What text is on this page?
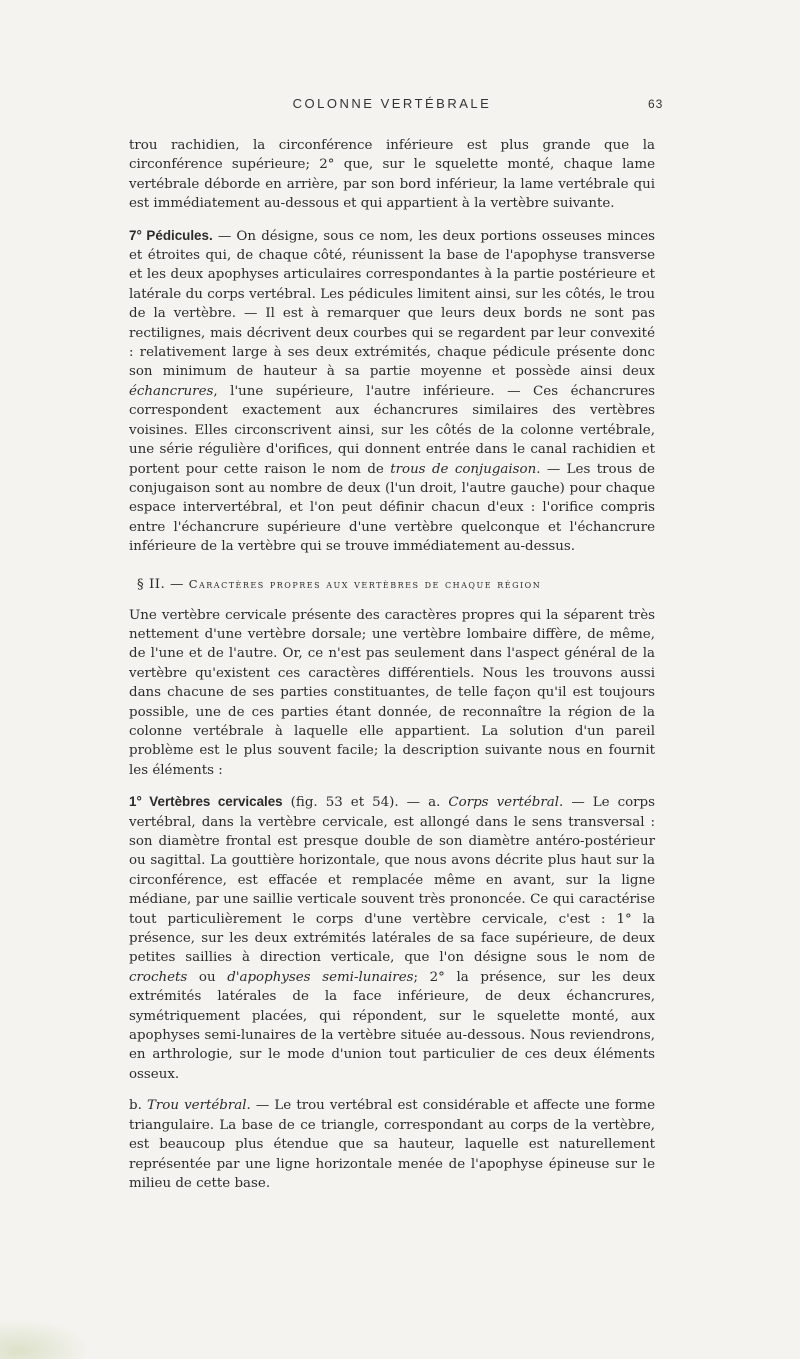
COLONNE VERTÉBRALE	63

trou rachidien, la circonférence inférieure est plus grande que la circonférence supérieure; 2° que, sur le squelette monté, chaque lame vertébrale déborde en arrière, par son bord inférieur, la lame vertébrale qui est immédiatement au-dessous et qui appartient à la vertèbre suivante.

7° Pédicules. — On désigne, sous ce nom, les deux portions osseuses minces et étroites qui, de chaque côté, réunissent la base de l'apophyse transverse et les deux apophyses articulaires correspondantes à la partie postérieure et latérale du corps vertébral. Les pédicules limitent ainsi, sur les côtés, le trou de la vertèbre. — Il est à remarquer que leurs deux bords ne sont pas rectilignes, mais décrivent deux courbes qui se regardent par leur convexité : relativement large à ses deux extrémités, chaque pédicule présente donc son minimum de hauteur à sa partie moyenne et possède ainsi deux échancrures, l'une supérieure, l'autre inférieure. — Ces échancrures correspondent exactement aux échancrures similaires des vertèbres voisines. Elles circonscrivent ainsi, sur les côtés de la colonne vertébrale, une série régulière d'orifices, qui donnent entrée dans le canal rachidien et portent pour cette raison le nom de trous de conjugaison. — Les trous de conjugaison sont au nombre de deux (l'un droit, l'autre gauche) pour chaque espace intervertébral, et l'on peut définir chacun d'eux : l'orifice compris entre l'échancrure supérieure d'une vertèbre quelconque et l'échancrure inférieure de la vertèbre qui se trouve immédiatement au-dessus.

§ II. — Caractères propres aux vertèbres de chaque région

Une vertèbre cervicale présente des caractères propres qui la séparent très nettement d'une vertèbre dorsale; une vertèbre lombaire diffère, de même, de l'une et de l'autre. Or, ce n'est pas seulement dans l'aspect général de la vertèbre qu'existent ces caractères différentiels. Nous les trouvons aussi dans chacune de ses parties constituantes, de telle façon qu'il est toujours possible, une de ces parties étant donnée, de reconnaître la région de la colonne vertébrale à laquelle elle appartient. La solution d'un pareil problème est le plus souvent facile; la description suivante nous en fournit les éléments :

1° Vertèbres cervicales (fig. 53 et 54). — a. Corps vertébral. — Le corps vertébral, dans la vertèbre cervicale, est allongé dans le sens transversal : son diamètre frontal est presque double de son diamètre antéro-postérieur ou sagittal. La gouttière horizontale, que nous avons décrite plus haut sur la circonférence, est effacée et remplacée même en avant, sur la ligne médiane, par une saillie verticale souvent très prononcée. Ce qui caractérise tout particulièrement le corps d'une vertèbre cervicale, c'est : 1° la présence, sur les deux extrémités latérales de sa face supérieure, de deux petites saillies à direction verticale, que l'on désigne sous le nom de crochets ou d'apophyses semi-lunaires; 2° la présence, sur les deux extrémités latérales de la face inférieure, de deux échancrures, symétriquement placées, qui répondent, sur le squelette monté, aux apophyses semi-lunaires de la vertèbre située au-dessous. Nous reviendrons, en arthrologie, sur le mode d'union tout particulier de ces deux éléments osseux.

b. Trou vertébral. — Le trou vertébral est considérable et affecte une forme triangulaire. La base de ce triangle, correspondant au corps de la vertèbre, est beaucoup plus étendue que sa hauteur, laquelle est naturellement représentée par une ligne horizontale menée de l'apophyse épineuse sur le milieu de cette base.
